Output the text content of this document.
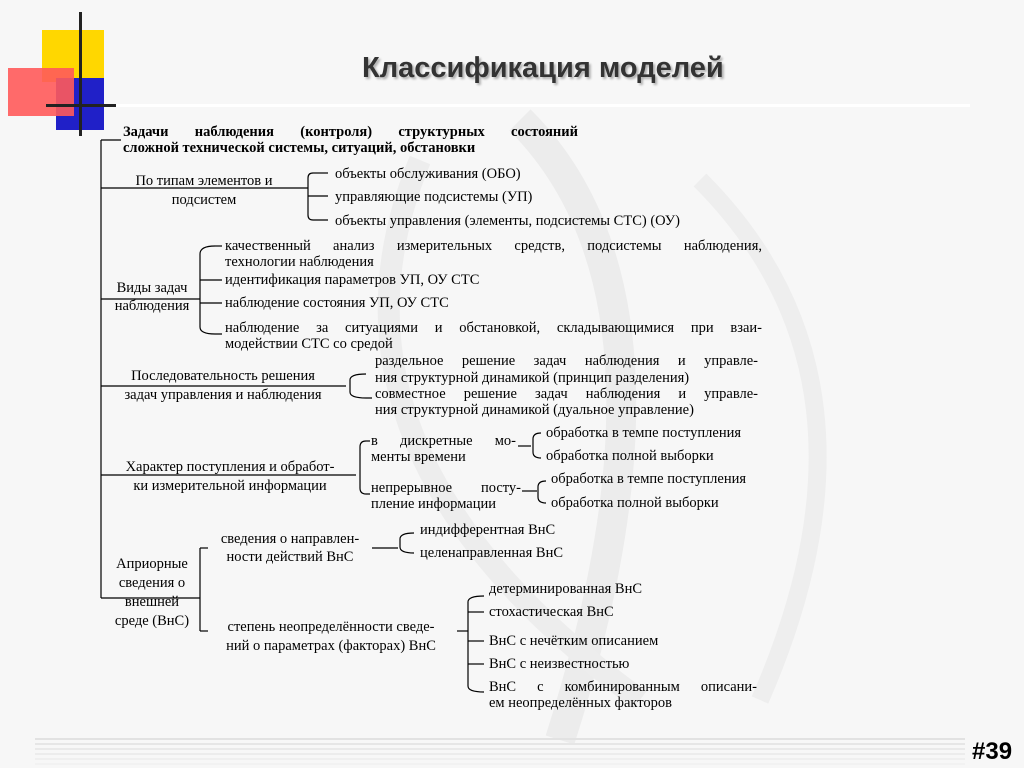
Классификация моделей
Задачи наблюдения (контроля) структурных состояний
сложной технической системы, ситуаций, обстановки
По типам элементов и
подсистем
объекты обслуживания (ОБО)
управляющие подсистемы (УП)
объекты управления (элементы, подсистемы СТС) (ОУ)
Виды задач
наблюдения
качественный анализ измерительных средств, подсистемы наблюдения,
технологии наблюдения
идентификация параметров УП, ОУ СТС
наблюдение состояния УП, ОУ СТС
наблюдение за ситуациями и обстановкой, складывающимися при взаи-
модействии СТС со средой
Последовательность решения
задач управления и наблюдения
раздельное решение задач наблюдения и управле-
ния структурной динамикой (принцип разделения)
совместное решение задач наблюдения и управле-
ния структурной динамикой (дуальное управление)
Характер поступления и обработ-
ки измерительной информации
в дискретные мо-
менты времени
обработка в темпе поступления
обработка полной выборки
непрерывное посту-
пление информации
обработка в темпе поступления
обработка полной выборки
Априорные
сведения о
внешней
среде (ВнС)
сведения о направлен-
ности действий ВнС
индифферентная ВнС
целенаправленная ВнС
степень неопределённости сведе-
ний о параметрах (факторах) ВнС
детерминированная ВнС
стохастическая ВнС
ВнС с нечётким описанием
ВнС с неизвестностью
ВнС с комбинированным описани-
ем неопределённых факторов
#39
